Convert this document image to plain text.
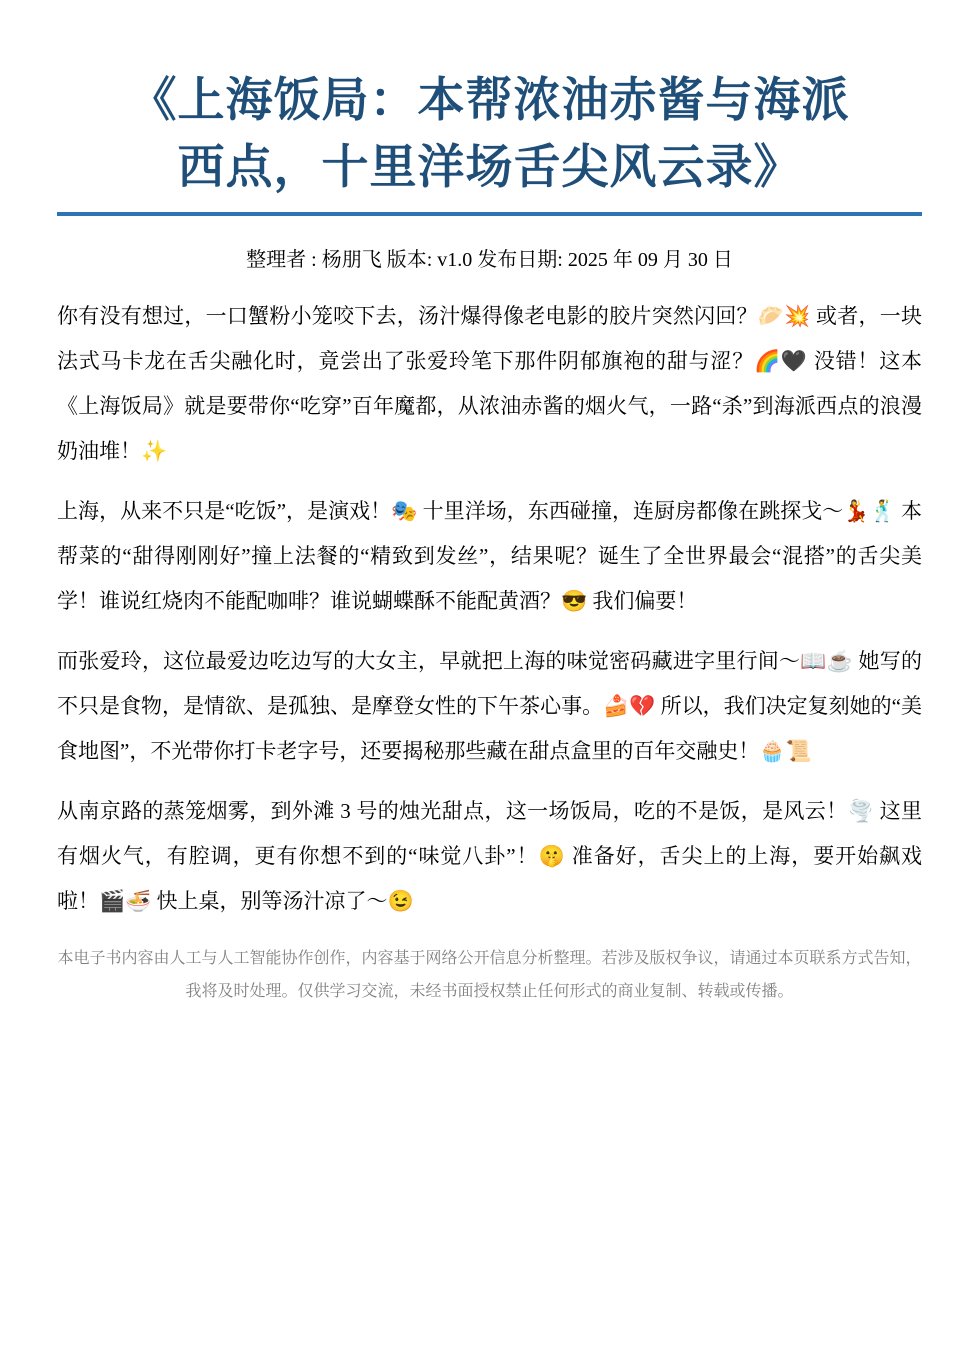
《上海饭局：本帮浓油赤酱与海派
西点，十里洋场舌尖风云录》

整理者 : 杨朋飞 版本: v1.0 发布日期: 2025 年 09 月 30 日

你有没有想过，一口蟹粉小笼咬下去，汤汁爆得像老电影的胶片突然闪回？🥟💥 或者，一块法式马卡龙在舌尖融化时，竟尝出了张爱玲笔下那件阴郁旗袍的甜与涩？🌈🖤 没错！这本《上海饭局》就是要带你“吃穿”百年魔都，从浓油赤酱的烟火气，一路“杀”到海派西点的浪漫奶油堆！✨

上海，从来不只是“吃饭”，是演戏！🎭 十里洋场，东西碰撞，连厨房都像在跳探戈～💃🕺 本帮菜的“甜得刚刚好”撞上法餐的“精致到发丝”，结果呢？诞生了全世界最会“混搭”的舌尖美学！谁说红烧肉不能配咖啡？谁说蝴蝶酥不能配黄酒？😎 我们偏要！

而张爱玲，这位最爱边吃边写的大女主，早就把上海的味觉密码藏进字里行间～📖☕ 她写的不只是食物，是情欲、是孤独、是摩登女性的下午茶心事。🍰💔 所以，我们决定复刻她的“美食地图”，不光带你打卡老字号，还要揭秘那些藏在甜点盒里的百年交融史！🧁📜

从南京路的蒸笼烟雾，到外滩 3 号的烛光甜点，这一场饭局，吃的不是饭，是风云！🌪️ 这里有烟火气，有腔调，更有你想不到的“味觉八卦”！🤫 准备好，舌尖上的上海，要开始飙戏啦！🎬🍜 快上桌，别等汤汁凉了～😉

本电子书内容由人工与人工智能协作创作，内容基于网络公开信息分析整理。若涉及版权争议，请通过本页联系方式告知，我将及时处理。仅供学习交流，未经书面授权禁止任何形式的商业复制、转载或传播。
